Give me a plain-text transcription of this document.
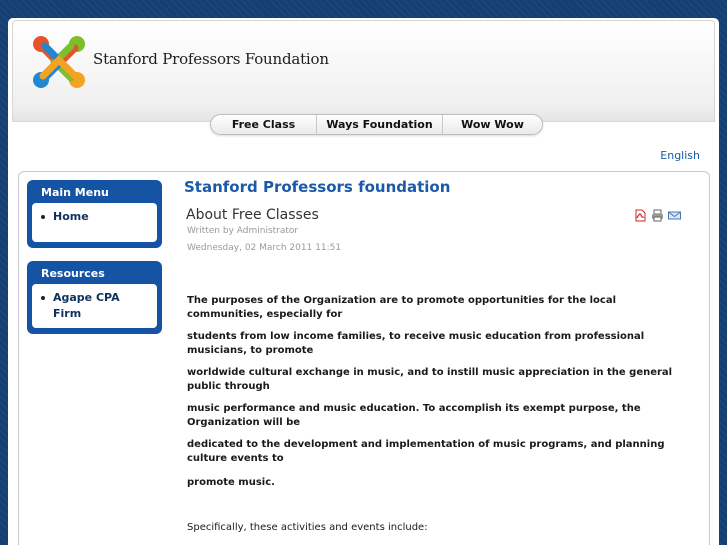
Stanford Professors Foundation
Free Class	Ways Foundation	Wow Wow
English
Main Menu
Home
Resources
Agape CPA Firm
Stanford Professors foundation
About Free Classes
Written by Administrator
Wednesday, 02 March 2011 11:51
The purposes of the Organization are to promote opportunities for the local communities, especially for
students from low income families, to receive music education from professional musicians, to promote
worldwide cultural exchange in music, and to instill music appreciation in the general public through
music performance and music education. To accomplish its exempt purpose, the Organization will be
dedicated to the development and implementation of music programs, and planning culture events to
promote music.
Specifically, these activities and events include:
